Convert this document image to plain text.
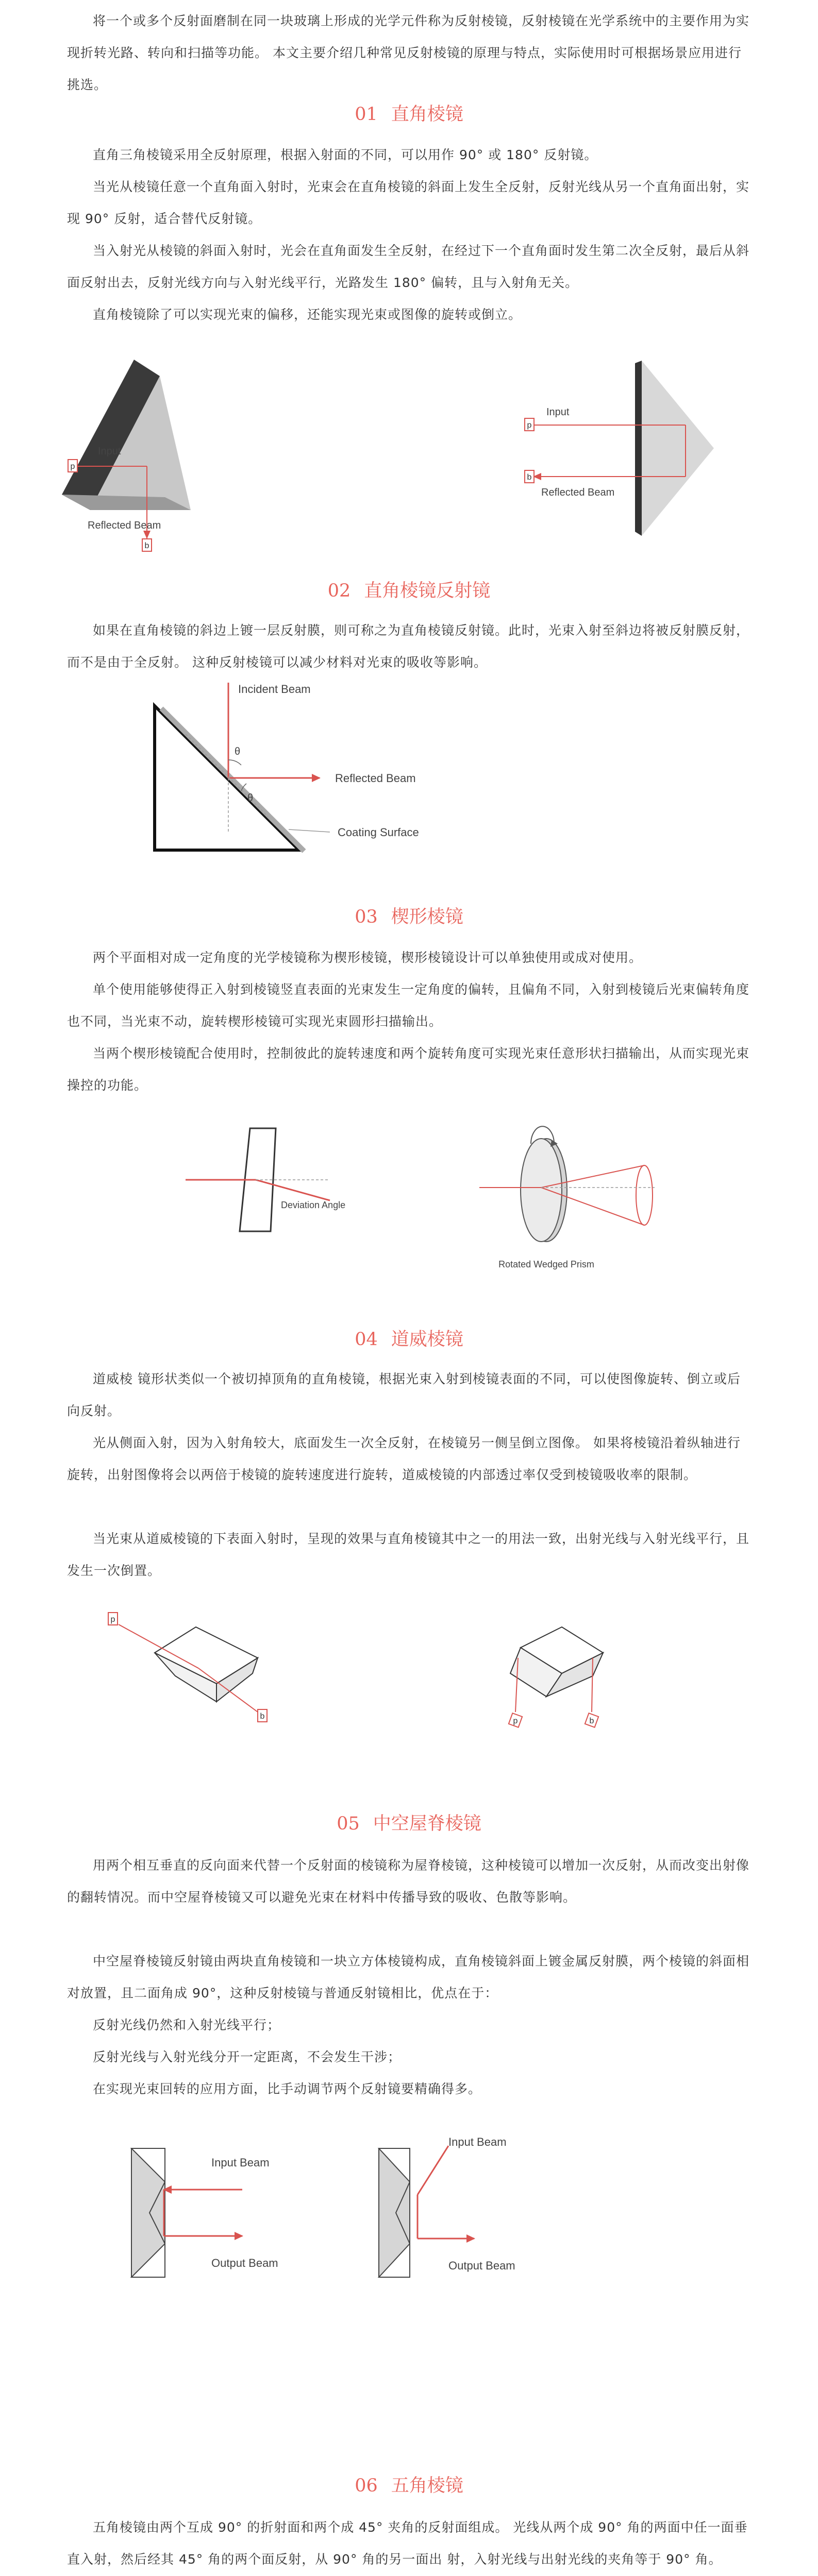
将一个或多个反射面磨制在同一块玻璃上形成的光学元件称为反射棱镜，反射棱镜在光学系统中的主要作用为实现折转光路、转向和扫描等功能。 本文主要介绍几种常见反射棱镜的原理与特点，实际使用时可根据场景应用进行挑选。

01 直角棱镜

直角三角棱镜采用全反射原理，根据入射面的不同，可以用作 90° 或 180° 反射镜。

当光从棱镜任意一个直角面入射时，光束会在直角棱镜的斜面上发生全反射，反射光线从另一个直角面出射，实现 90° 反射，适合替代反射镜。

当入射光从棱镜的斜面入射时，光会在直角面发生全反射，在经过下一个直角面时发生第二次全反射，最后从斜面反射出去，反射光线方向与入射光线平行，光路发生 180° 偏转，且与入射角无关。

直角棱镜除了可以实现光束的偏移，还能实现光束或图像的旋转或倒立。

p
Input
b
Reflected Beam
p
Input
b
Reflected Beam
02 直角棱镜反射镜

如果在直角棱镜的斜边上镀一层反射膜，则可称之为直角棱镜反射镜。此时，光束入射至斜边将被反射膜反射，而不是由于全反射。 这种反射棱镜可以减少材料对光束的吸收等影响。

θ
θ
Incident Beam
Reflected Beam
Coating Surface
03 楔形棱镜

两个平面相对成一定角度的光学棱镜称为楔形棱镜，楔形棱镜设计可以单独使用或成对使用。

单个使用能够使得正入射到棱镜竖直表面的光束发生一定角度的偏转，且偏角不同，入射到棱镜后光束偏转角度也不同，当光束不动，旋转楔形棱镜可实现光束圆形扫描输出。

当两个楔形棱镜配合使用时，控制彼此的旋转速度和两个旋转角度可实现光束任意形状扫描输出，从而实现光束操控的功能。

Deviation Angle
Rotated Wedged Prism
04 道威棱镜

道威棱 镜形状类似一个被切掉顶角的直角棱镜，根据光束入射到棱镜表面的不同，可以使图像旋转、倒立或后向反射。

光从侧面入射，因为入射角较大，底面发生一次全反射，在棱镜另一侧呈倒立图像。 如果将棱镜沿着纵轴进行旋转，出射图像将会以两倍于棱镜的旋转速度进行旋转，道威棱镜的内部透过率仅受到棱镜吸收率的限制。

当光束从道威棱镜的下表面入射时，呈现的效果与直角棱镜其中之一的用法一致，出射光线与入射光线平行，且发生一次倒置。

p
b
p	b
05 中空屋脊棱镜

用两个相互垂直的反向面来代替一个反射面的棱镜称为屋脊棱镜，这种棱镜可以增加一次反射，从而改变出射像的翻转情况。而中空屋脊棱镜又可以避免光束在材料中传播导致的吸收、色散等影响。

中空屋脊棱镜反射镜由两块直角棱镜和一块立方体棱镜构成，直角棱镜斜面上镀金属反射膜，两个棱镜的斜面相对放置，且二面角成 90°，这种反射棱镜与普通反射镜相比，优点在于：

反射光线仍然和入射光线平行；

反射光线与入射光线分开一定距离，不会发生干涉；

在实现光束回转的应用方面，比手动调节两个反射镜要精确得多。

Input Beam
Output Beam
Input Beam
Output Beam
06 五角棱镜

五角棱镜由两个互成 90° 的折射面和两个成 45° 夹角的反射面组成。 光线从两个成 90° 角的两面中任一面垂直入射，然后经其 45° 角的两个面反射，从 90° 角的另一面出 射，入射光线与出射光线的夹角等于 90° 角。
